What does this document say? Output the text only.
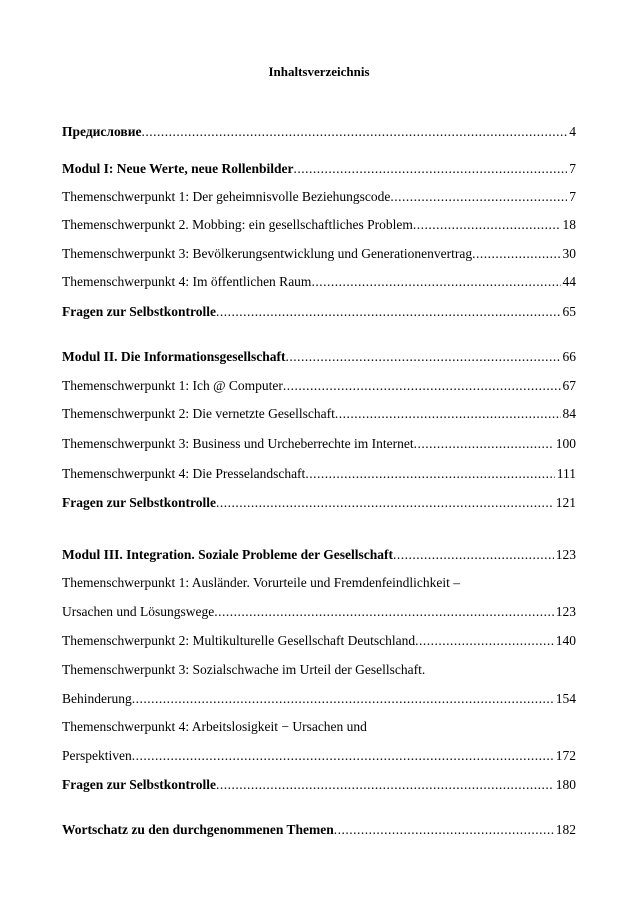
Inhaltsverzeichnis
Предисловие .....	4
Modul I: Neue Werte, neue Rollenbilder .....	7
Themenschwerpunkt 1: Der geheimnisvolle Beziehungscode .....	7
Themenschwerpunkt 2. Mobbing: ein gesellschaftliches Problem .....	18
Themenschwerpunkt 3: Bevölkerungsentwicklung und Generationenvertrag .....	30
Themenschwerpunkt 4: Im öffentlichen Raum .....	44
Fragen zur Selbstkontrolle .....	65
Modul II. Die Informationsgesellschaft .....	66
Themenschwerpunkt 1: Ich @ Computer .....	67
Themenschwerpunkt 2: Die vernetzte Gesellschaft .....	84
Themenschwerpunkt 3: Business und Urcheberrechte im Internet .....	100
Themenschwerpunkt 4: Die Presselandschaft .....	111
Fragen zur Selbstkontrolle .....	121
Modul III. Integration. Soziale Probleme der Gesellschaft .....	123
Themenschwerpunkt 1: Ausländer. Vorurteile und Fremdenfeindlichkeit –
Ursachen und Lösungswege .....	123
Themenschwerpunkt 2: Multikulturelle Gesellschaft Deutschland .....	140
Themenschwerpunkt 3: Sozialschwache im Urteil der Gesellschaft.
Behinderung .....	154
Themenschwerpunkt 4: Arbeitslosigkeit − Ursachen und
Perspektiven .....	172
Fragen zur Selbstkontrolle .....	180
Wortschatz zu den durchgenommenen Themen .....	182
